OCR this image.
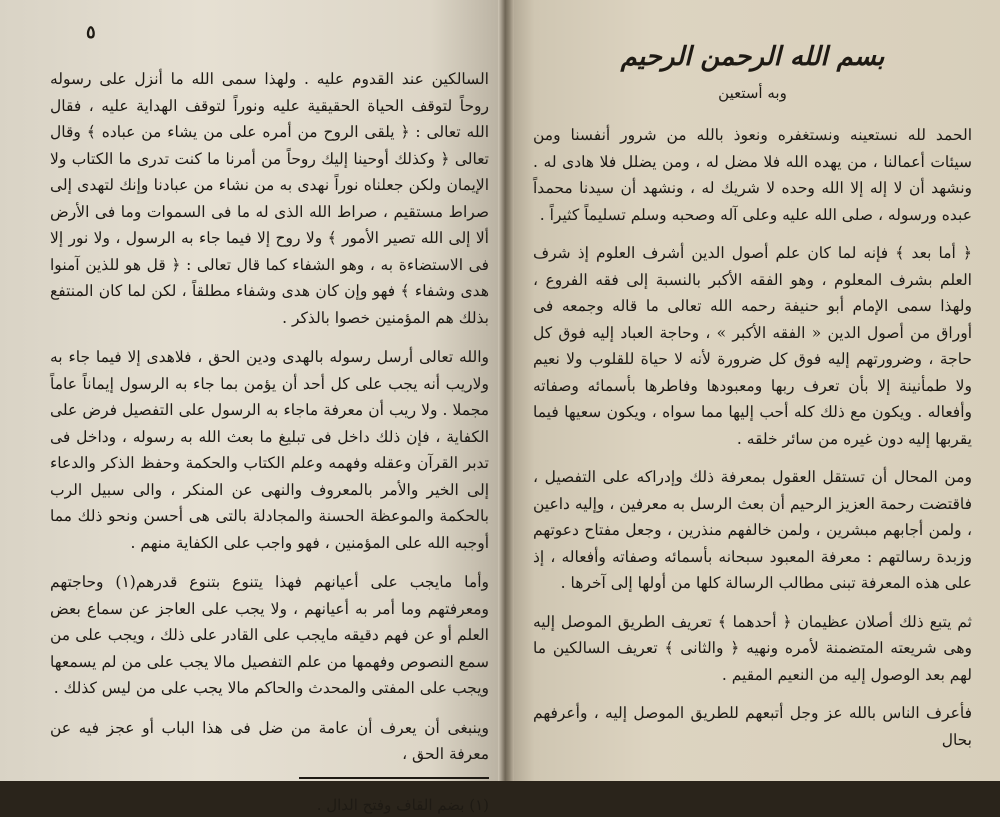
٥

السالكين عند القدوم عليه . ولهذا سمى الله ما أنزل على رسوله روحاً لتوقف الحياة الحقيقية عليه ونوراً لتوقف الهداية عليه ، فقال الله تعالى : ﴿ يلقى الروح من أمره على من يشاء من عباده ﴾ وقال تعالى ﴿ وكذلك أوحينا إليك روحاً من أمرنا ما كنت تدرى ما الكتاب ولا الإيمان ولكن جعلناه نوراً نهدى به من نشاء من عبادنا وإنك لتهدى إلى صراط مستقيم ، صراط الله الذى له ما فى السموات وما فى الأرض ألا إلى الله تصير الأمور ﴾ ولا روح إلا فيما جاء به الرسول ، ولا نور إلا فى الاستضاءة به ، وهو الشفاء كما قال تعالى : ﴿ قل هو للذين آمنوا هدى وشفاء ﴾ فهو وإن كان هدى وشفاء مطلقاً ، لكن لما كان المنتفع بذلك هم المؤمنين خصوا بالذكر .

والله تعالى أرسل رسوله بالهدى ودين الحق ، فلاهدى إلا فيما جاء به ولاريب أنه يجب على كل أحد أن يؤمن بما جاء به الرسول إيماناً عاماً مجملا . ولا ريب أن معرفة ماجاء به الرسول على التفصيل فرض على الكفاية ، فإن ذلك داخل فى تبليغ ما بعث الله به رسوله ، وداخل فى تدبر القرآن وعقله وفهمه وعلم الكتاب والحكمة وحفظ الذكر والدعاء إلى الخير والأمر بالمعروف والنهى عن المنكر ، والى سبيل الرب بالحكمة والموعظة الحسنة والمجادلة بالتى هى أحسن ونحو ذلك مما أوجبه الله على المؤمنين ، فهو واجب على الكفاية منهم .

وأما مايجب على أعيانهم فهذا يتنوع بتنوع قدرهم(١) وحاجتهم ومعرفتهم وما أمر به أعيانهم ، ولا يجب على العاجز عن سماع بعض العلم أو عن فهم دقيقه مايجب على القادر على ذلك ، ويجب على من سمع النصوص وفهمها من علم التفصيل مالا يجب على من لم يسمعها ويجب على المفتى والمحدث والحاكم مالا يجب على من ليس كذلك .

وينبغى أن يعرف أن عامة من ضل فى هذا الباب أو عجز فيه عن معرفة الحق ،

(١) بضم القاف وفتح الدال .

بسم الله الرحمن الرحيم

وبه أستعين

الحمد لله نستعينه ونستغفره ونعوذ بالله من شرور أنفسنا ومن سيئات أعمالنا ، من يهده الله فلا مضل له ، ومن يضلل فلا هادى له . ونشهد أن لا إله إلا الله وحده لا شريك له ، ونشهد أن سيدنا محمداً عبده ورسوله ، صلى الله عليه وعلى آله وصحبه وسلم تسليماً كثيراً .

﴿ أما بعد ﴾ فإنه لما كان علم أصول الدين أشرف العلوم إذ شرف العلم بشرف المعلوم ، وهو الفقه الأكبر بالنسبة إلى فقه الفروع ، ولهذا سمى الإمام أبو حنيفة رحمه الله تعالى ما قاله وجمعه فى أوراق من أصول الدين « الفقه الأكبر » ، وحاجة العباد إليه فوق كل حاجة ، وضرورتهم إليه فوق كل ضرورة لأنه لا حياة للقلوب ولا نعيم ولا طمأنينة إلا بأن تعرف ربها ومعبودها وفاطرها بأسمائه وصفاته وأفعاله . ويكون مع ذلك كله أحب إليها مما سواه ، ويكون سعيها فيما يقربها إليه دون غيره من سائر خلقه .

ومن المحال أن تستقل العقول بمعرفة ذلك وإدراكه على التفصيل ، فاقتضت رحمة العزيز الرحيم أن بعث الرسل به معرفين ، وإليه داعين ، ولمن أجابهم مبشرين ، ولمن خالفهم منذرين ، وجعل مفتاح دعوتهم وزبدة رسالتهم : معرفة المعبود سبحانه بأسمائه وصفاته وأفعاله ، إذ على هذه المعرفة تبنى مطالب الرسالة كلها من أولها إلى آخرها .

ثم يتبع ذلك أصلان عظيمان ﴿ أحدهما ﴾ تعريف الطريق الموصل إليه وهى شريعته المتضمنة لأمره ونهيه ﴿ والثانى ﴾ تعريف السالكين ما لهم بعد الوصول إليه من النعيم المقيم .

فأعرف الناس بالله عز وجل أتبعهم للطريق الموصل إليه ، وأعرفهم بحال
